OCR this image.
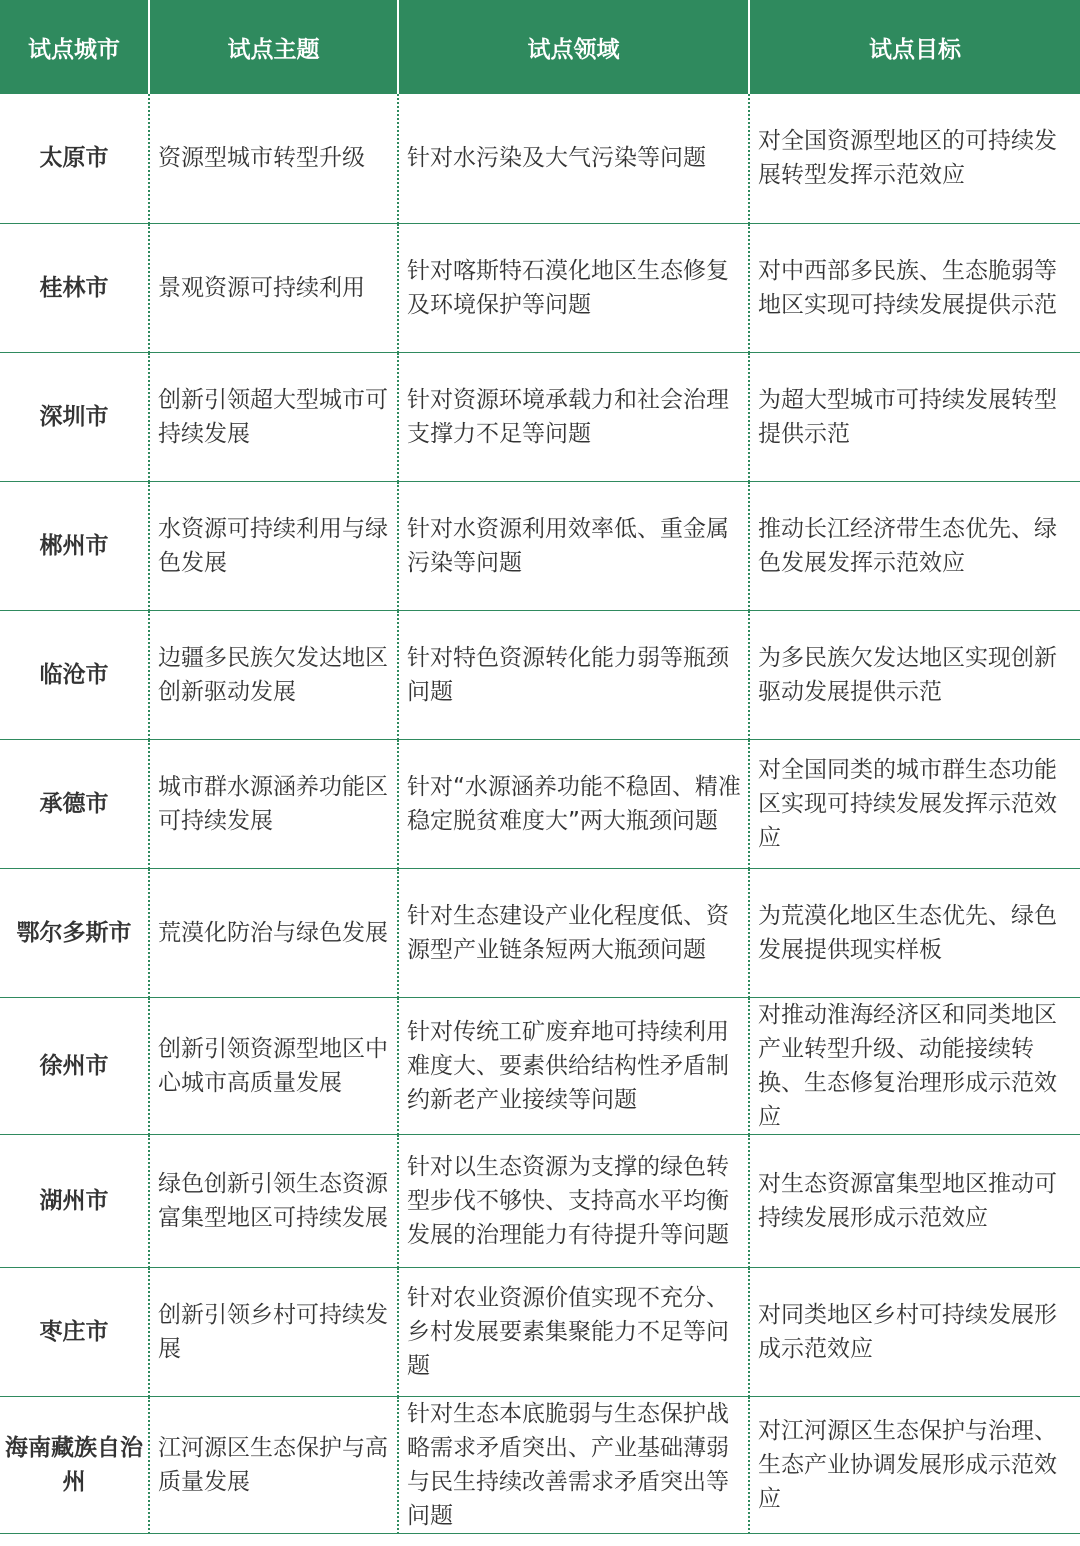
试点城市	试点主题	试点领域	试点目标
太原市	资源型城市转型升级	针对水污染及大气污染等问题	对全国资源型地区的可持续发展转型发挥示范效应
桂林市	景观资源可持续利用	针对喀斯特石漠化地区生态修复及环境保护等问题	对中西部多民族、生态脆弱等地区实现可持续发展提供示范
深圳市	创新引领超大型城市可持续发展	针对资源环境承载力和社会治理支撑力不足等问题	为超大型城市可持续发展转型提供示范
郴州市	水资源可持续利用与绿色发展	针对水资源利用效率低、重金属污染等问题	推动长江经济带生态优先、绿色发展发挥示范效应
临沧市	边疆多民族欠发达地区创新驱动发展	针对特色资源转化能力弱等瓶颈问题	为多民族欠发达地区实现创新驱动发展提供示范
承德市	城市群水源涵养功能区可持续发展	针对“水源涵养功能不稳固、精准稳定脱贫难度大”两大瓶颈问题	对全国同类的城市群生态功能区实现可持续发展发挥示范效应
鄂尔多斯市	荒漠化防治与绿色发展	针对生态建设产业化程度低、资源型产业链条短两大瓶颈问题	为荒漠化地区生态优先、绿色发展提供现实样板
徐州市	创新引领资源型地区中心城市高质量发展	针对传统工矿废弃地可持续利用难度大、要素供给结构性矛盾制约新老产业接续等问题	对推动淮海经济区和同类地区产业转型升级、动能接续转换、生态修复治理形成示范效应
湖州市	绿色创新引领生态资源富集型地区可持续发展	针对以生态资源为支撑的绿色转型步伐不够快、支持高水平均衡发展的治理能力有待提升等问题	对生态资源富集型地区推动可持续发展形成示范效应
枣庄市	创新引领乡村可持续发展	针对农业资源价值实现不充分、乡村发展要素集聚能力不足等问题	对同类地区乡村可持续发展形成示范效应
海南藏族自治州	江河源区生态保护与高质量发展	针对生态本底脆弱与生态保护战略需求矛盾突出、产业基础薄弱与民生持续改善需求矛盾突出等问题	对江河源区生态保护与治理、生态产业协调发展形成示范效应
